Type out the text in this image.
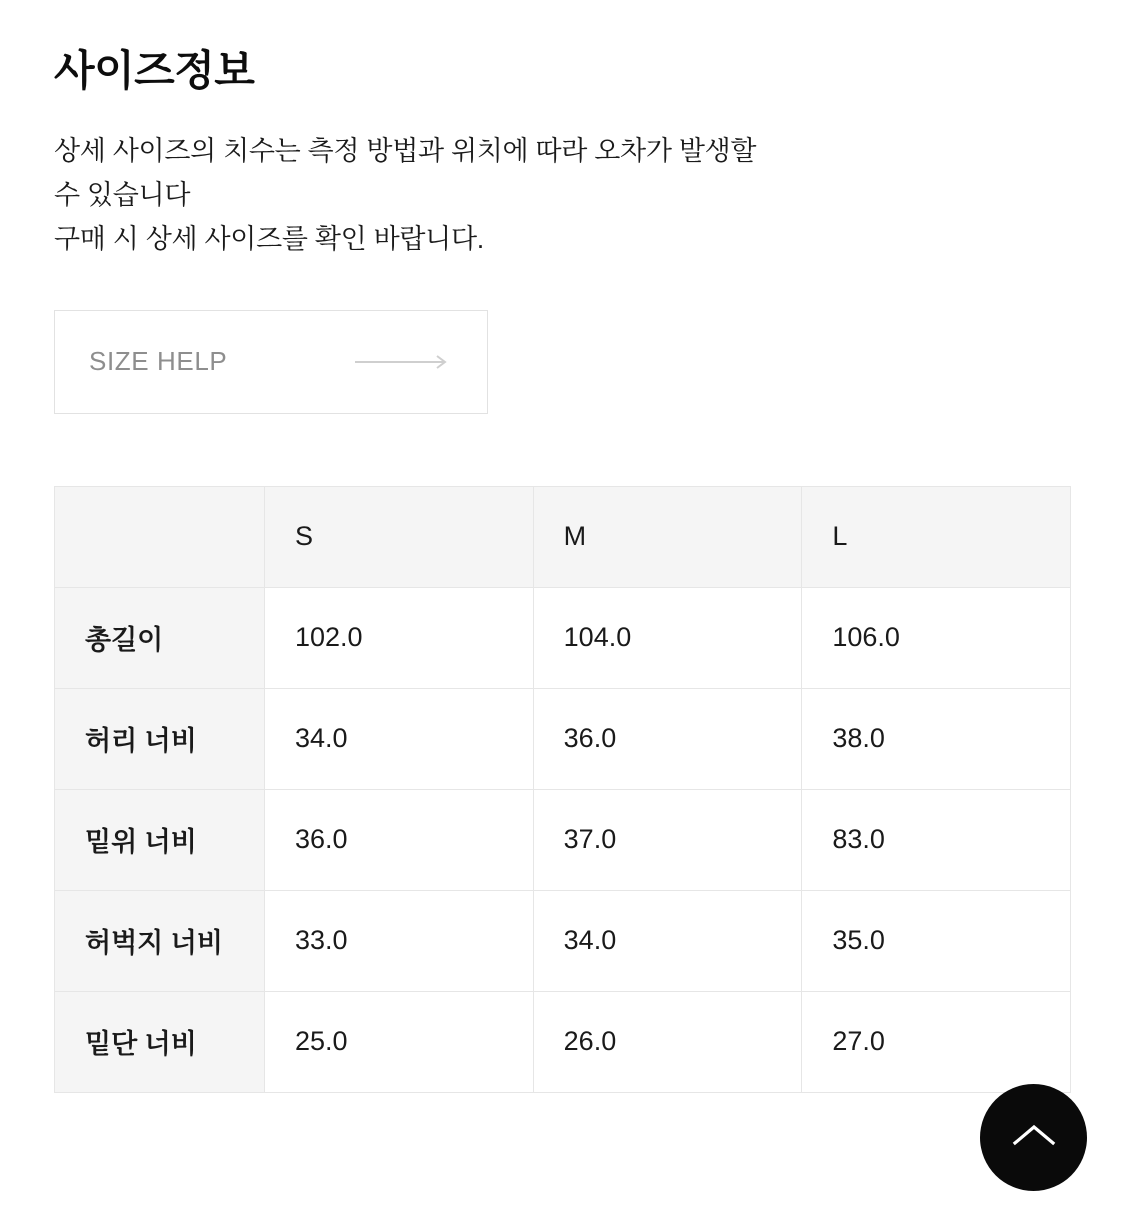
사이즈정보
상세 사이즈의 치수는 측정 방법과 위치에 따라 오차가 발생할
수 있습니다
구매 시 상세 사이즈를 확인 바랍니다.
SIZE HELP
	S	M	L
총길이	102.0	104.0	106.0
허리 너비	34.0	36.0	38.0
밑위 너비	36.0	37.0	83.0
허벅지 너비	33.0	34.0	35.0
밑단 너비	25.0	26.0	27.0
